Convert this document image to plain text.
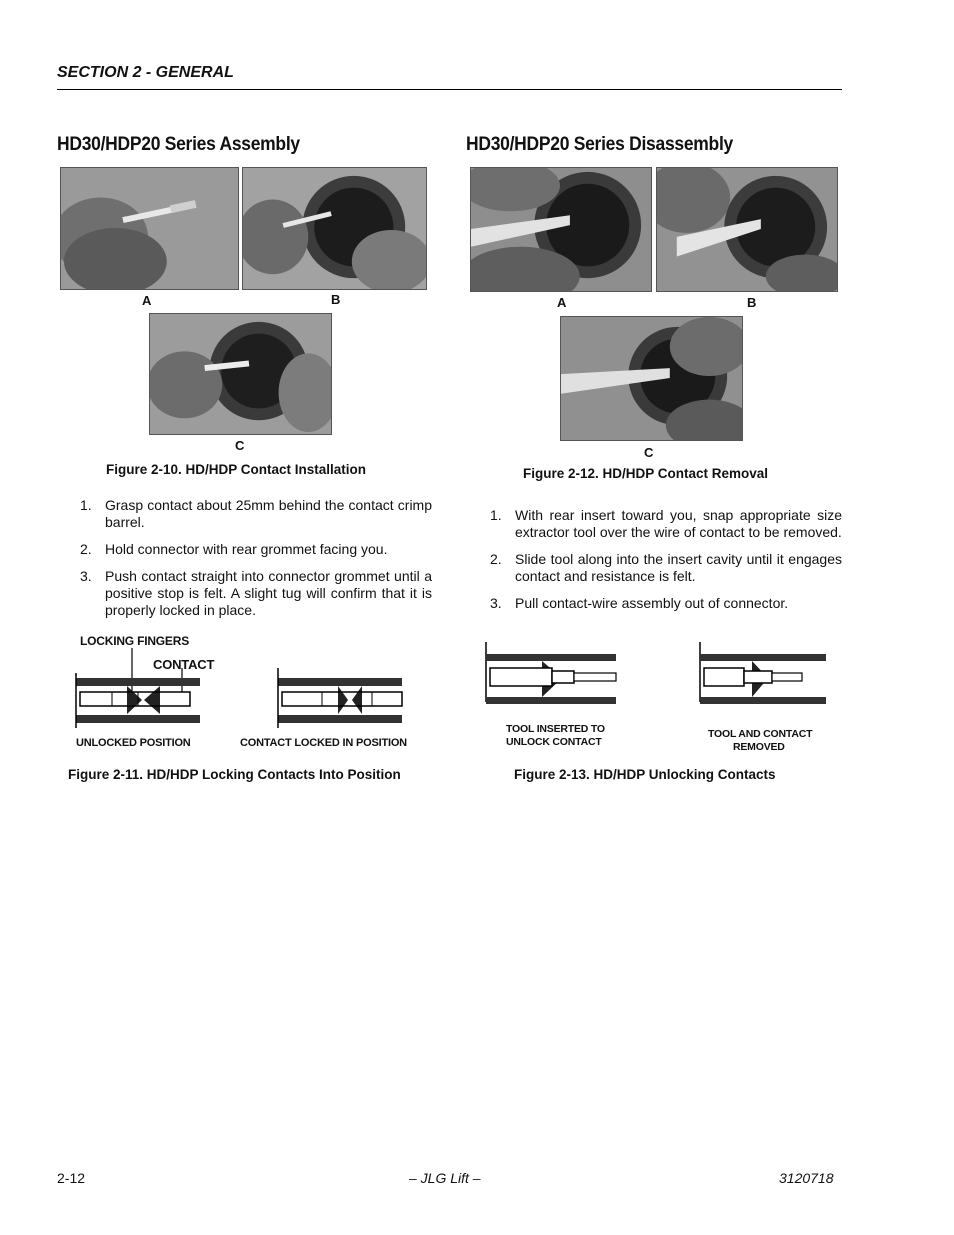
SECTION 2 - GENERAL
HD30/HDP20 Series Assembly
A	B
C
Figure 2-10. HD/HDP Contact Installation
1. Grasp contact about 25mm behind the contact crimp barrel.
2. Hold connector with rear grommet facing you.
3. Push contact straight into connector grommet until a positive stop is felt. A slight tug will confirm that it is properly locked in place.
LOCKING FINGERS
CONTACT
UNLOCKED POSITION	CONTACT LOCKED IN POSITION
Figure 2-11. HD/HDP Locking Contacts Into Position
HD30/HDP20 Series Disassembly
A	B
C
Figure 2-12. HD/HDP Contact Removal
1. With rear insert toward you, snap appropriate size extractor tool over the wire of contact to be removed.
2. Slide tool along into the insert cavity until it engages contact and resistance is felt.
3. Pull contact-wire assembly out of connector.
TOOL INSERTED TO
UNLOCK CONTACT
TOOL AND CONTACT
REMOVED
Figure 2-13. HD/HDP Unlocking Contacts
2-12	– JLG Lift –	3120718
